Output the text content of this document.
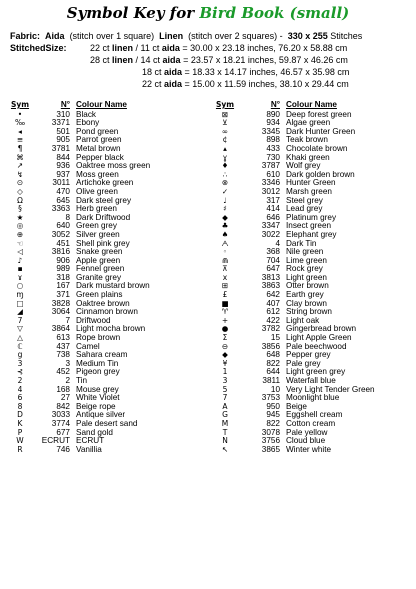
Symbol Key for Bird Book (small)
Fabric: Aida (stitch over 1 square) Linen (stitch over 2 squares) - 330 x 255 Stitches
StitchedSize:	22 ct linen / 11 ct aida = 30.00 x 23.18 inches, 76.20 x 58.88 cm
28 ct linen / 14 ct aida = 23.57 x 18.21 inches, 59.87 x 46.26 cm
18 ct aida = 18.33 x 14.17 inches, 46.57 x 35.98 cm
22 ct aida = 15.00 x 11.59 inches, 38.10 x 29.44 cm
Sym	N° Colour Name
•	310 Black
‰	3371 Ebony
◂	501 Pond green
≡	905 Parrot green
¶	3781 Metal brown
⌘	844 Pepper black
↗	936 Oaktree moss green
↯	937 Moss green
⊙	3011 Artichoke green
◇	470 Olive green
Ω	645 Dark steel grey
§	3363 Herb green
★	8 Dark Driftwood
◎	640 Green grey
⊕	3052 Silver green
☜	451 Shell pink grey
◁	3816 Snake green
♪	906 Apple green
▪	989 Fennel green
ɤ	318 Granite grey
○	167 Dark mustard brown
ɱ	371 Green plains
□	3828 Oaktree brown
◢	3064 Cinnamon brown
7	7 Driftwood
▽	3864 Light mocha brown
△	613 Rope brown
ℂ	437 Camel
g	738 Sahara cream
3	3 Medium Tin
⊰	452 Pigeon grey
2	2 Tin
4	168 Mouse grey
6	27 White Violet
8	842 Beige rope
D	3033 Antique silver
K	3774 Pale desert sand
P	677 Sand gold
W	ECRUT ECRUT
R	746 Vanillia
Sym	N° Colour Name
⊠	890 Deep forest green
⊻	934 Algae green
∞	3345 Dark Hunter Green
¢	898 Teak brown
▴	433 Chocolate brown
ɣ	730 Khaki green
♦	3787 Wolf grey
∴	610 Dark golden brown
⊗	3346 Hunter Green
✓	3012 Marsh green
♩	317 Steel grey
♯	414 Lead grey
◆	646 Platinum grey
♣	3347 Insect green
♠	3022 Elephant grey
ᗅ	4 Dark Tin
◦	368 Nile green
⋒	704 Lime green
⊼	647 Rock grey
x	3813 Light green
⊞	3863 Otter brown
£	642 Earth grey
■	407 Clay brown
♈	612 String brown
+	422 Light oak
●	3782 Gingerbread brown
Σ	15 Light Apple Green
⊖	3856 Pale beechwood
◆	648 Pepper grey
¥	822 Pale grey
1	644 Light green grey
3	3811 Waterfall blue
5	10 Very Light Tender Green
7	3753 Moonlight blue
A	950 Beige
G	945 Eggshell cream
M	822 Cotton cream
T	3078 Pale yellow
N	3756 Cloud blue
↖	3865 Winter white
